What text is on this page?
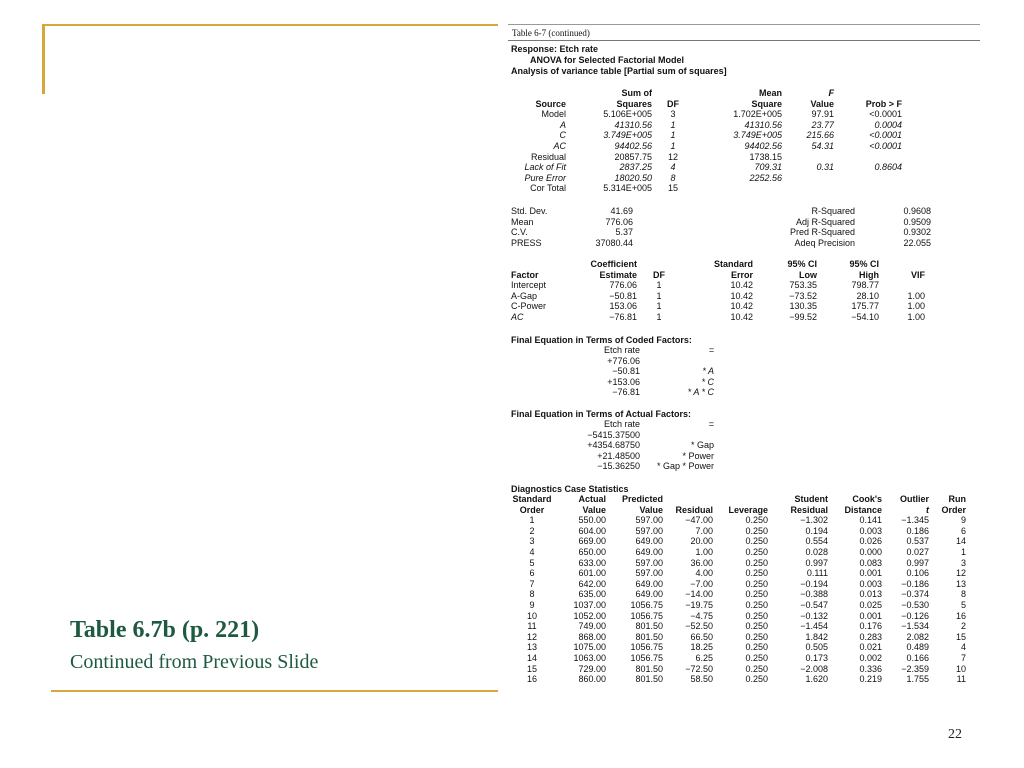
Table 6.7b (p. 221)
Continued from Previous Slide
22
Table 6-7 (continued)
Response: Etch rate
ANOVA for Selected Factorial Model
Analysis of variance table [Partial sum of squares]
	Sum of		Mean	F	
Source	Squares	DF	Square	Value	Prob > F
Model	5.106E+005	3	1.702E+005	97.91	<0.0001
A	41310.56	1	41310.56	23.77	0.0004
C	3.749E+005	1	3.749E+005	215.66	<0.0001
AC	94402.56	1	94402.56	54.31	<0.0001
Residual	20857.75	12	1738.15		
Lack of Fit	2837.25	4	709.31	0.31	0.8604
Pure Error	18020.50	8	2252.56		
Cor Total	5.314E+005	15			
Std. Dev.	41.69	R-Squared	0.9608
Mean	776.06	Adj R-Squared	0.9509
C.V.	5.37	Pred R-Squared	0.9302
PRESS	37080.44	Adeq Precision	22.055
	Coefficient		Standard	95% CI	95% CI	
Factor	Estimate	DF	Error	Low	High	VIF
Intercept	776.06	1	10.42	753.35	798.77	
A-Gap	−50.81	1	10.42	−73.52	28.10	1.00
C-Power	153.06	1	10.42	130.35	175.77	1.00
AC	−76.81	1	10.42	−99.52	−54.10	1.00
Final Equation in Terms of Coded Factors:
Etch rate	=
+776.06	
−50.81	* A
+153.06	* C
−76.81	* A * C
Final Equation in Terms of Actual Factors:
Etch rate	=
−5415.37500	
+4354.68750	* Gap
+21.48500	* Power
−15.36250	* Gap * Power
Diagnostics Case Statistics
Standard	Actual	Predicted			Student	Cook's	Outlier	Run
Order	Value	Value	Residual	Leverage	Residual	Distance	t	Order
1	550.00	597.00	−47.00	0.250	−1.302	0.141	−1.345	9
2	604.00	597.00	7.00	0.250	0.194	0.003	0.186	6
3	669.00	649.00	20.00	0.250	0.554	0.026	0.537	14
4	650.00	649.00	1.00	0.250	0.028	0.000	0.027	1
5	633.00	597.00	36.00	0.250	0.997	0.083	0.997	3
6	601.00	597.00	4.00	0.250	0.111	0.001	0.106	12
7	642.00	649.00	−7.00	0.250	−0.194	0.003	−0.186	13
8	635.00	649.00	−14.00	0.250	−0.388	0.013	−0.374	8
9	1037.00	1056.75	−19.75	0.250	−0.547	0.025	−0.530	5
10	1052.00	1056.75	−4.75	0.250	−0.132	0.001	−0.126	16
11	749.00	801.50	−52.50	0.250	−1.454	0.176	−1.534	2
12	868.00	801.50	66.50	0.250	1.842	0.283	2.082	15
13	1075.00	1056.75	18.25	0.250	0.505	0.021	0.489	4
14	1063.00	1056.75	6.25	0.250	0.173	0.002	0.166	7
15	729.00	801.50	−72.50	0.250	−2.008	0.336	−2.359	10
16	860.00	801.50	58.50	0.250	1.620	0.219	1.755	11
